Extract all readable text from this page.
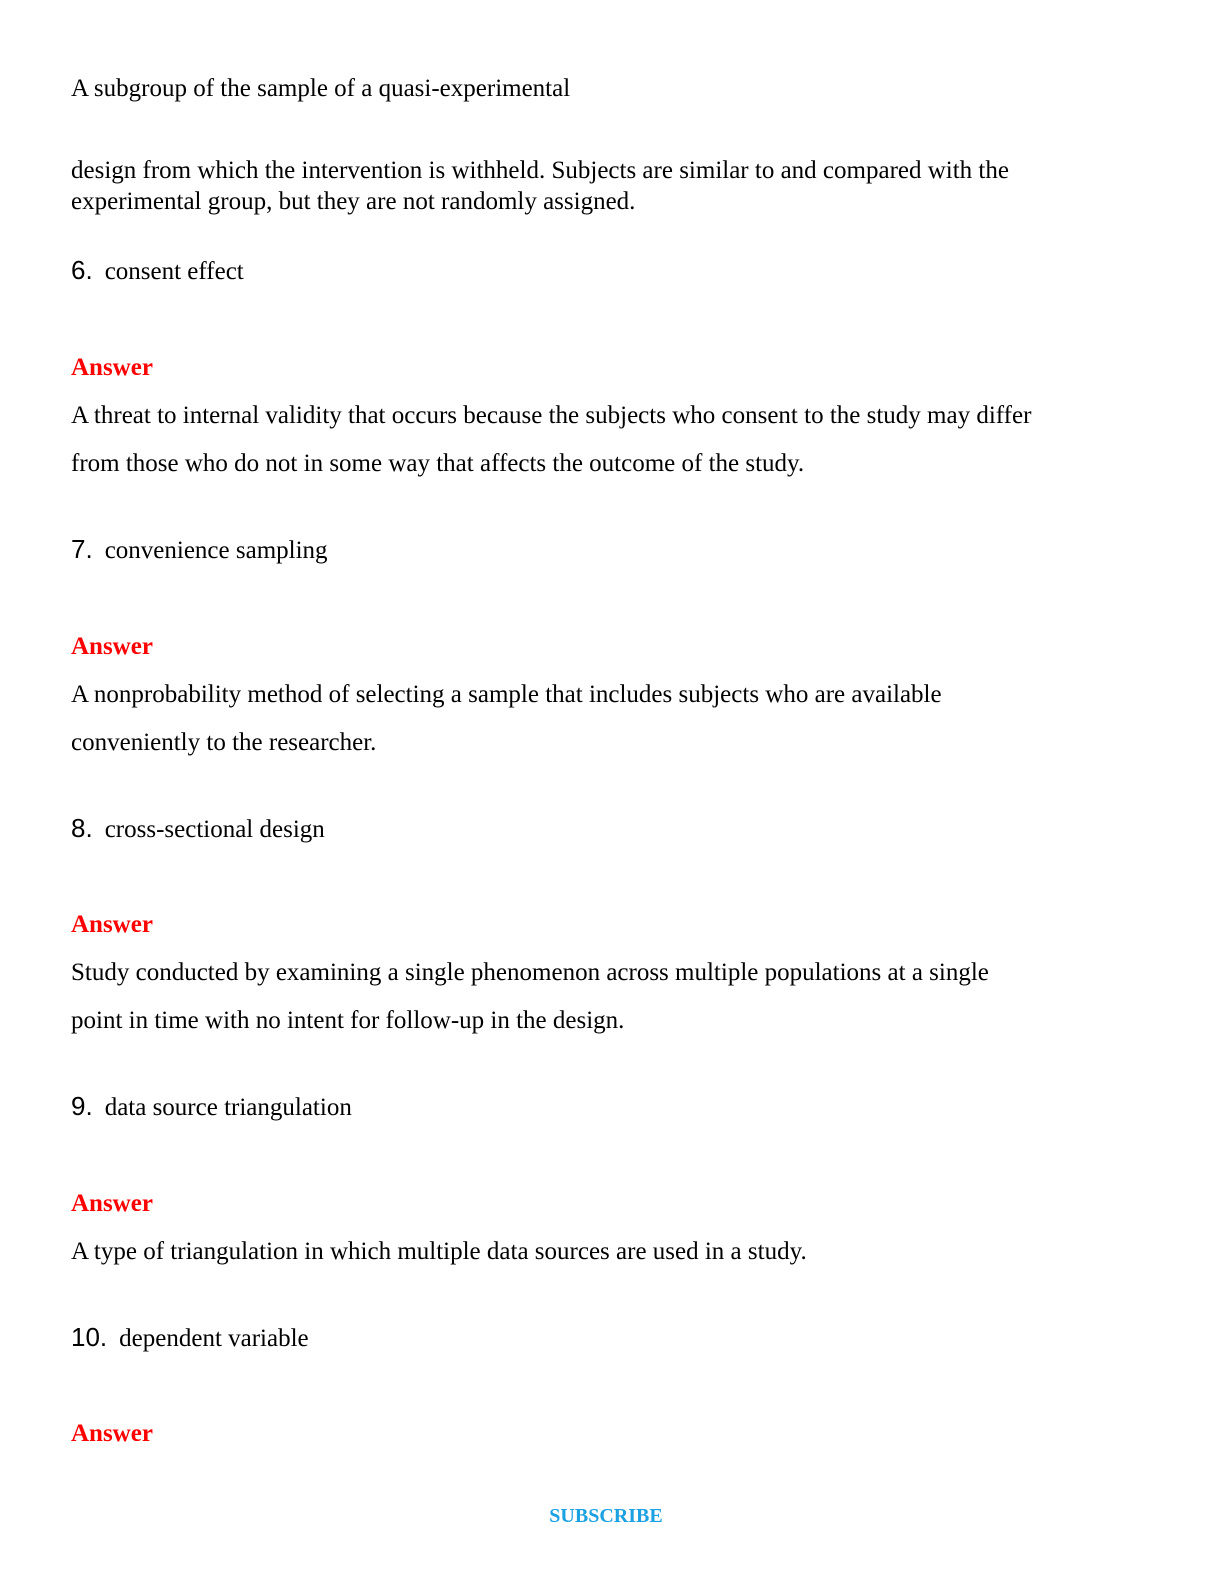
A subgroup of the sample of a quasi-experimental

design from which the intervention is withheld. Subjects are similar to and compared with the

experimental group, but they are not randomly assigned.

6. consent effect

Answer

A threat to internal validity that occurs because the subjects who consent to the study may differ

from those who do not in some way that affects the outcome of the study.

7. convenience sampling

Answer

A nonprobability method of selecting a sample that includes subjects who are available

conveniently to the researcher.

8. cross-sectional design

Answer

Study conducted by examining a single phenomenon across multiple populations at a single

point in time with no intent for follow-up in the design.

9. data source triangulation

Answer

A type of triangulation in which multiple data sources are used in a study.

10. dependent variable

Answer

SUBSCRIBE
